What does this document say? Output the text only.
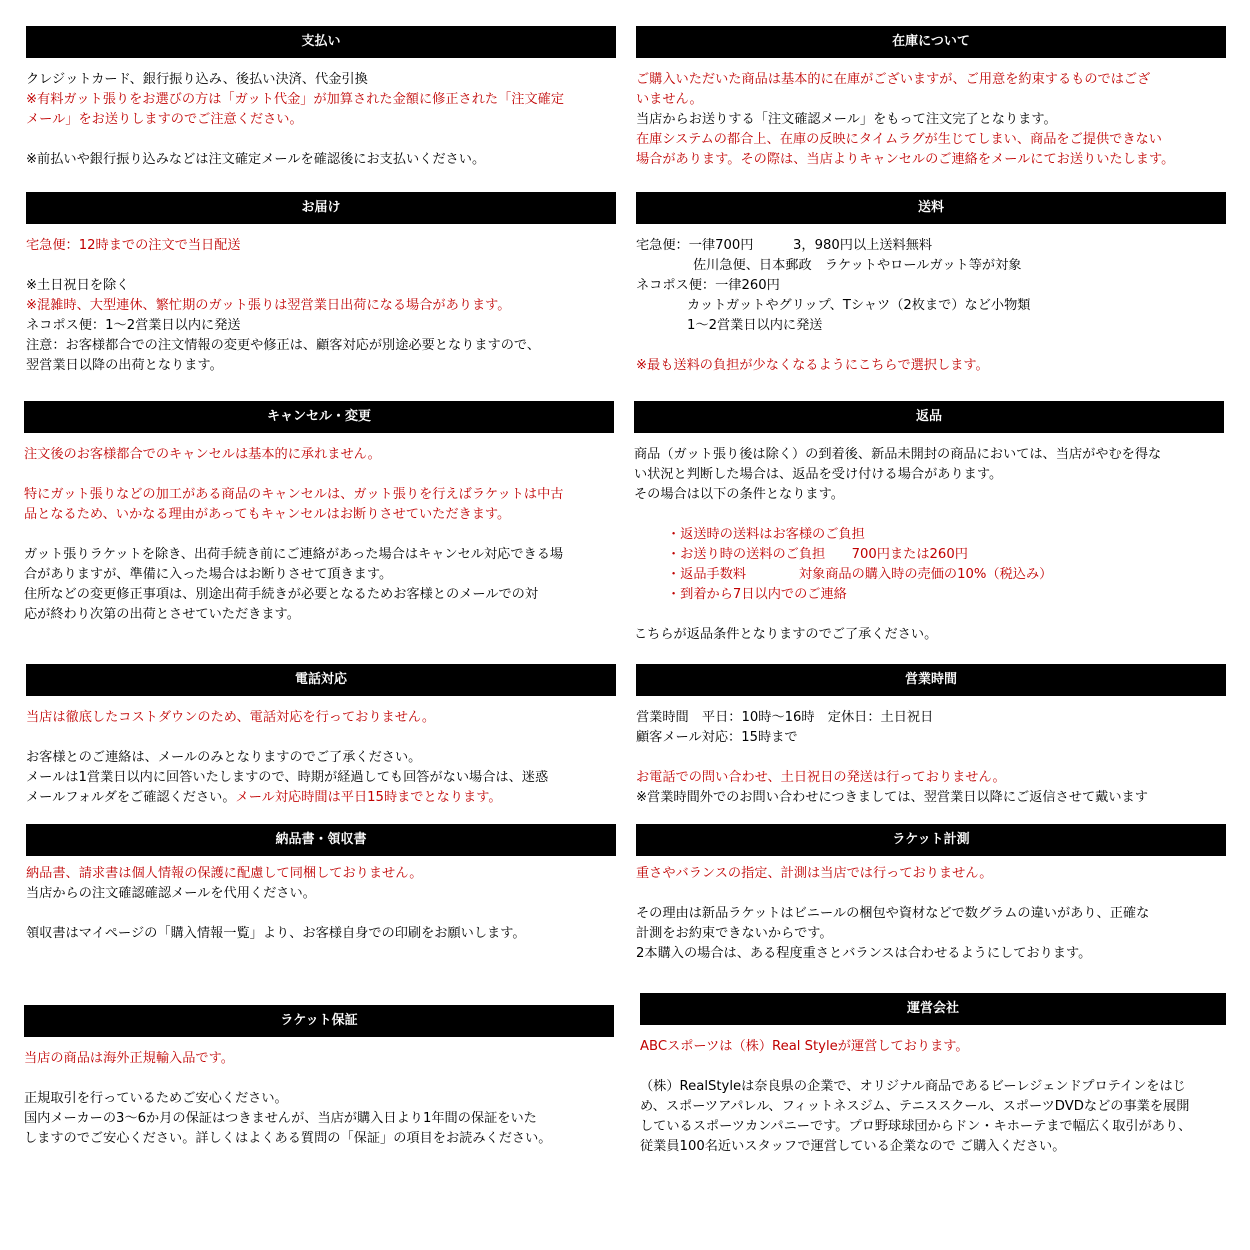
支払い
クレジットカード、銀行振り込み、後払い決済、代金引換
※有料ガット張りをお選びの方は「ガット代金」が加算された金額に修正された「注文確定
メール」をお送りしますのでご注意ください。
※前払いや銀行振り込みなどは注文確定メールを確認後にお支払いください。
在庫について
ご購入いただいた商品は基本的に在庫がございますが、ご用意を約束するものではござ
いません。
当店からお送りする「注文確認メール」をもって注文完了となります。
在庫システムの都合上、在庫の反映にタイムラグが生じてしまい、商品をご提供できない
場合があります。その際は、当店よりキャンセルのご連絡をメールにてお送りいたします。
お届け
宅急便：12時までの注文で当日配送
※土日祝日を除く
※混雑時、大型連休、繁忙期のガット張りは翌営業日出荷になる場合があります。
ネコポス便：1～2営業日以内に発送
注意：お客様都合での注文情報の変更や修正は、顧客対応が別途必要となりますので、
翌営業日以降の出荷となります。
送料
宅急便：一律700円　　　3，980円以上送料無料
佐川急便、日本郵政　ラケットやロールガット等が対象
ネコポス便：一律260円
カットガットやグリップ、Tシャツ（2枚まで）など小物類
1～2営業日以内に発送
※最も送料の負担が少なくなるようにこちらで選択します。
キャンセル・変更
注文後のお客様都合でのキャンセルは基本的に承れません。
特にガット張りなどの加工がある商品のキャンセルは、ガット張りを行えばラケットは中古
品となるため、いかなる理由があってもキャンセルはお断りさせていただきます。
ガット張りラケットを除き、出荷手続き前にご連絡があった場合はキャンセル対応できる場
合がありますが、準備に入った場合はお断りさせて頂きます。
住所などの変更修正事項は、別途出荷手続きが必要となるためお客様とのメールでの対
応が終わり次第の出荷とさせていただきます。
返品
商品（ガット張り後は除く）の到着後、新品未開封の商品においては、当店がやむを得な
い状況と判断した場合は、返品を受け付ける場合があります。
その場合は以下の条件となります。
・返送時の送料はお客様のご負担
・お送り時の送料のご負担　　700円または260円
・返品手数料　　　　対象商品の購入時の売価の10%（税込み）
・到着から7日以内でのご連絡
こちらが返品条件となりますのでご了承ください。
電話対応
当店は徹底したコストダウンのため、電話対応を行っておりません。
お客様とのご連絡は、メールのみとなりますのでご了承ください。
メールは1営業日以内に回答いたしますので、時期が経過しても回答がない場合は、迷惑
メールフォルダをご確認ください。メール対応時間は平日15時までとなります。
営業時間
営業時間　平日：10時～16時　定休日：土日祝日
顧客メール対応：15時まで
お電話での問い合わせ、土日祝日の発送は行っておりません。
※営業時間外でのお問い合わせにつきましては、翌営業日以降にご返信させて戴います
納品書・領収書
納品書、請求書は個人情報の保護に配慮して同梱しておりません。
当店からの注文確認確認メールを代用ください。
領収書はマイページの「購入情報一覧」より、お客様自身での印刷をお願いします。
ラケット計測
重さやバランスの指定、計測は当店では行っておりません。
その理由は新品ラケットはビニールの梱包や資材などで数グラムの違いがあり、正確な
計測をお約束できないからです。
2本購入の場合は、ある程度重さとバランスは合わせるようにしております。
ラケット保証
当店の商品は海外正規輸入品です。
正規取引を行っているためご安心ください。
国内メーカーの3～6か月の保証はつきませんが、当店が購入日より1年間の保証をいた
しますのでご安心ください。詳しくはよくある質問の「保証」の項目をお読みください。
運営会社
ABCスポーツは（株）Real Styleが運営しております。
（株）RealStyleは奈良県の企業で、オリジナル商品であるビーレジェンドプロテインをはじ
め、スポーツアパレル、フィットネスジム、テニススクール、スポーツDVDなどの事業を展開
しているスポーツカンパニーです。プロ野球球団からドン・キホーテまで幅広く取引があり、
従業員100名近いスタッフで運営している企業なので ご購入ください。
